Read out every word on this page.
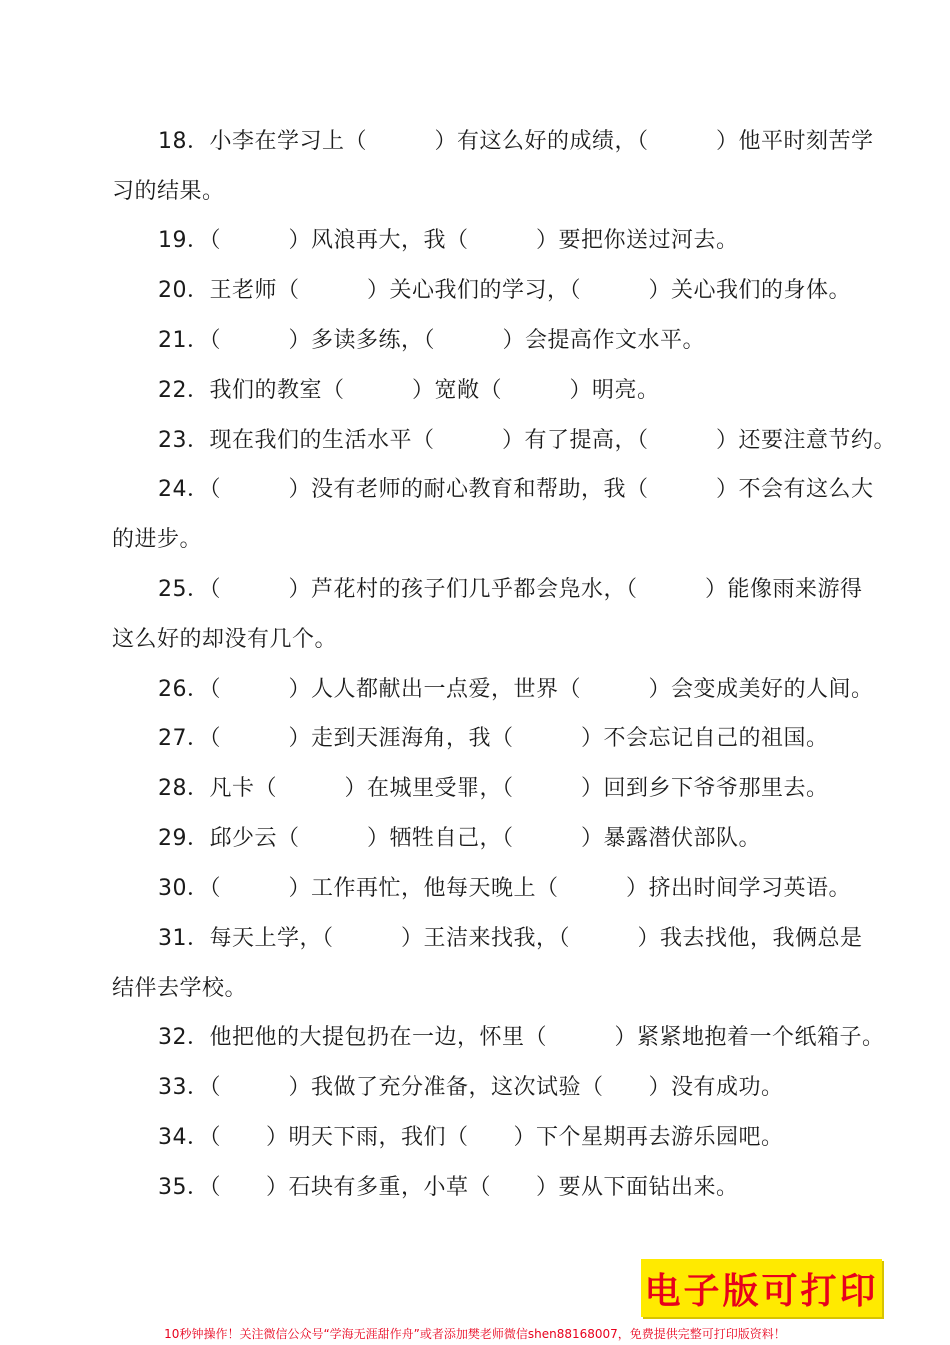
18．小李在学习上（　　　）有这么好的成绩，（　　　）他平时刻苦学
习的结果。
19．（　　　）风浪再大，我（　　　）要把你送过河去。
20．王老师（　　　）关心我们的学习，（　　　）关心我们的身体。
21．（　　　）多读多练，（　　　）会提高作文水平。
22．我们的教室（　　　）宽敞（　　　）明亮。
23．现在我们的生活水平（　　　）有了提高，（　　　）还要注意节约。
24．（　　　）没有老师的耐心教育和帮助，我（　　　）不会有这么大
的进步。
25．（　　　）芦花村的孩子们几乎都会凫水，（　　　）能像雨来游得
这么好的却没有几个。
26．（　　　）人人都献出一点爱，世界（　　　）会变成美好的人间。
27．（　　　）走到天涯海角，我（　　　）不会忘记自己的祖国。
28．凡卡（　　　）在城里受罪，（　　　）回到乡下爷爷那里去。
29．邱少云（　　　）牺牲自己，（　　　）暴露潜伏部队。
30．（　　　）工作再忙，他每天晚上（　　　）挤出时间学习英语。
31．每天上学，（　　　）王洁来找我，（　　　）我去找他，我俩总是
结伴去学校。
32．他把他的大提包扔在一边，怀里（　　　）紧紧地抱着一个纸箱子。
33．（　　　）我做了充分准备，这次试验（　　）没有成功。
34．（　　）明天下雨，我们（　　）下个星期再去游乐园吧。
35．（　　）石块有多重，小草（　　）要从下面钻出来。
电子版可打印
10秒钟操作！关注微信公众号“学海无涯甜作舟”或者添加樊老师微信shen88168007，免费提供完整可打印版资料！
